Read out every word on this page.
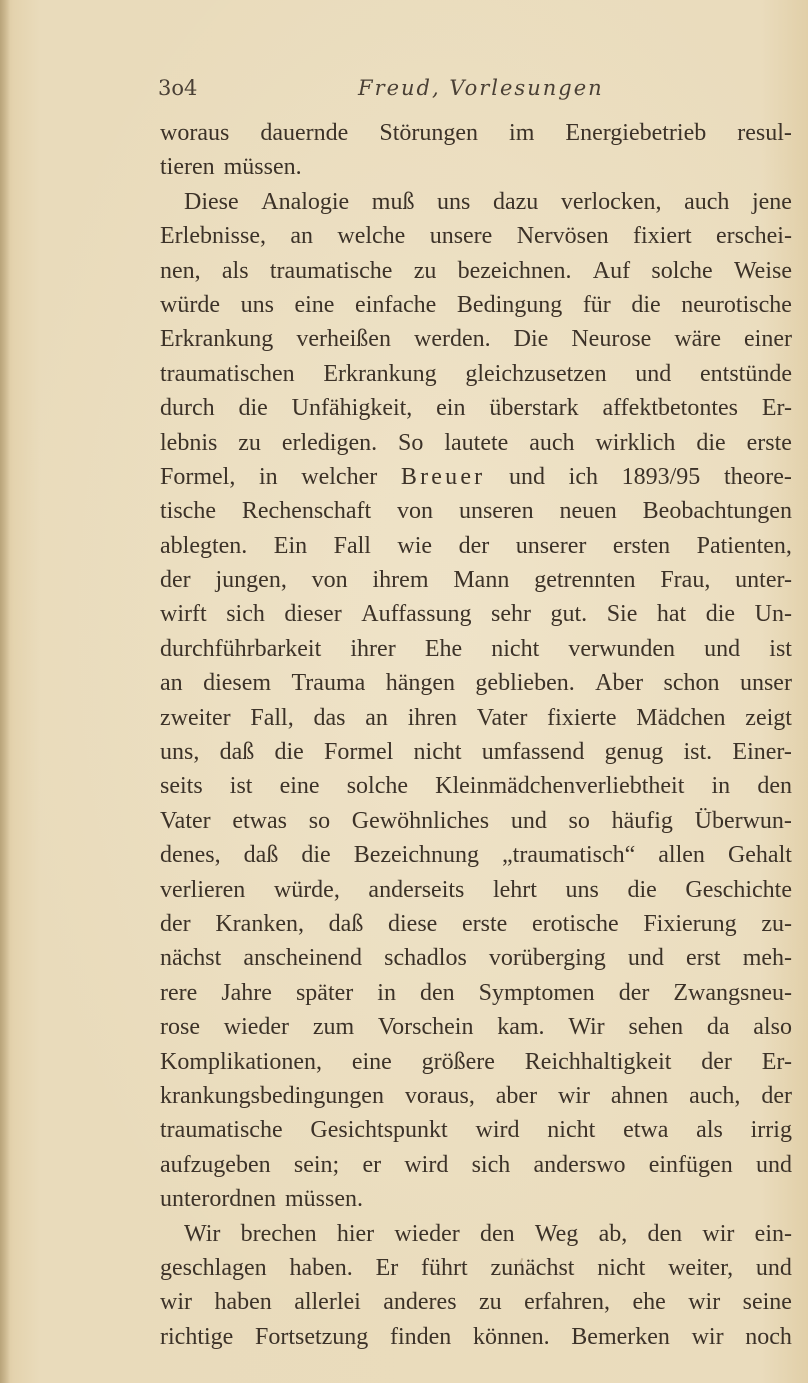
3o4	Freud, Vorlesungen
woraus dauernde Störungen im Energiebetrieb resul-
tieren müssen.
Diese Analogie muß uns dazu verlocken, auch jene
Erlebnisse, an welche unsere Nervösen fixiert erschei-
nen, als traumatische zu bezeichnen. Auf solche Weise
würde uns eine einfache Bedingung für die neurotische
Erkrankung verheißen werden. Die Neurose wäre einer
traumatischen Erkrankung gleichzusetzen und entstünde
durch die Unfähigkeit, ein überstark affektbetontes Er-
lebnis zu erledigen. So lautete auch wirklich die erste
Formel, in welcher Breuer und ich 1893/95 theore-
tische Rechenschaft von unseren neuen Beobachtungen
ablegten. Ein Fall wie der unserer ersten Patienten,
der jungen, von ihrem Mann getrennten Frau, unter-
wirft sich dieser Auffassung sehr gut. Sie hat die Un-
durchführbarkeit ihrer Ehe nicht verwunden und ist
an diesem Trauma hängen geblieben. Aber schon unser
zweiter Fall, das an ihren Vater fixierte Mädchen zeigt
uns, daß die Formel nicht umfassend genug ist. Einer-
seits ist eine solche Kleinmädchenverliebtheit in den
Vater etwas so Gewöhnliches und so häufig Überwun-
denes, daß die Bezeichnung „traumatisch“ allen Gehalt
verlieren würde, anderseits lehrt uns die Geschichte
der Kranken, daß diese erste erotische Fixierung zu-
nächst anscheinend schadlos vorüberging und erst meh-
rere Jahre später in den Symptomen der Zwangsneu-
rose wieder zum Vorschein kam. Wir sehen da also
Komplikationen, eine größere Reichhaltigkeit der Er-
krankungsbedingungen voraus, aber wir ahnen auch, der
traumatische Gesichtspunkt wird nicht etwa als irrig
aufzugeben sein; er wird sich anderswo einfügen und
unterordnen müssen.
Wir brechen hier wieder den Weg ab, den wir ein-
geschlagen haben. Er führt zunächst nicht weiter, und
wir haben allerlei anderes zu erfahren, ehe wir seine
richtige Fortsetzung finden können. Bemerken wir noch
